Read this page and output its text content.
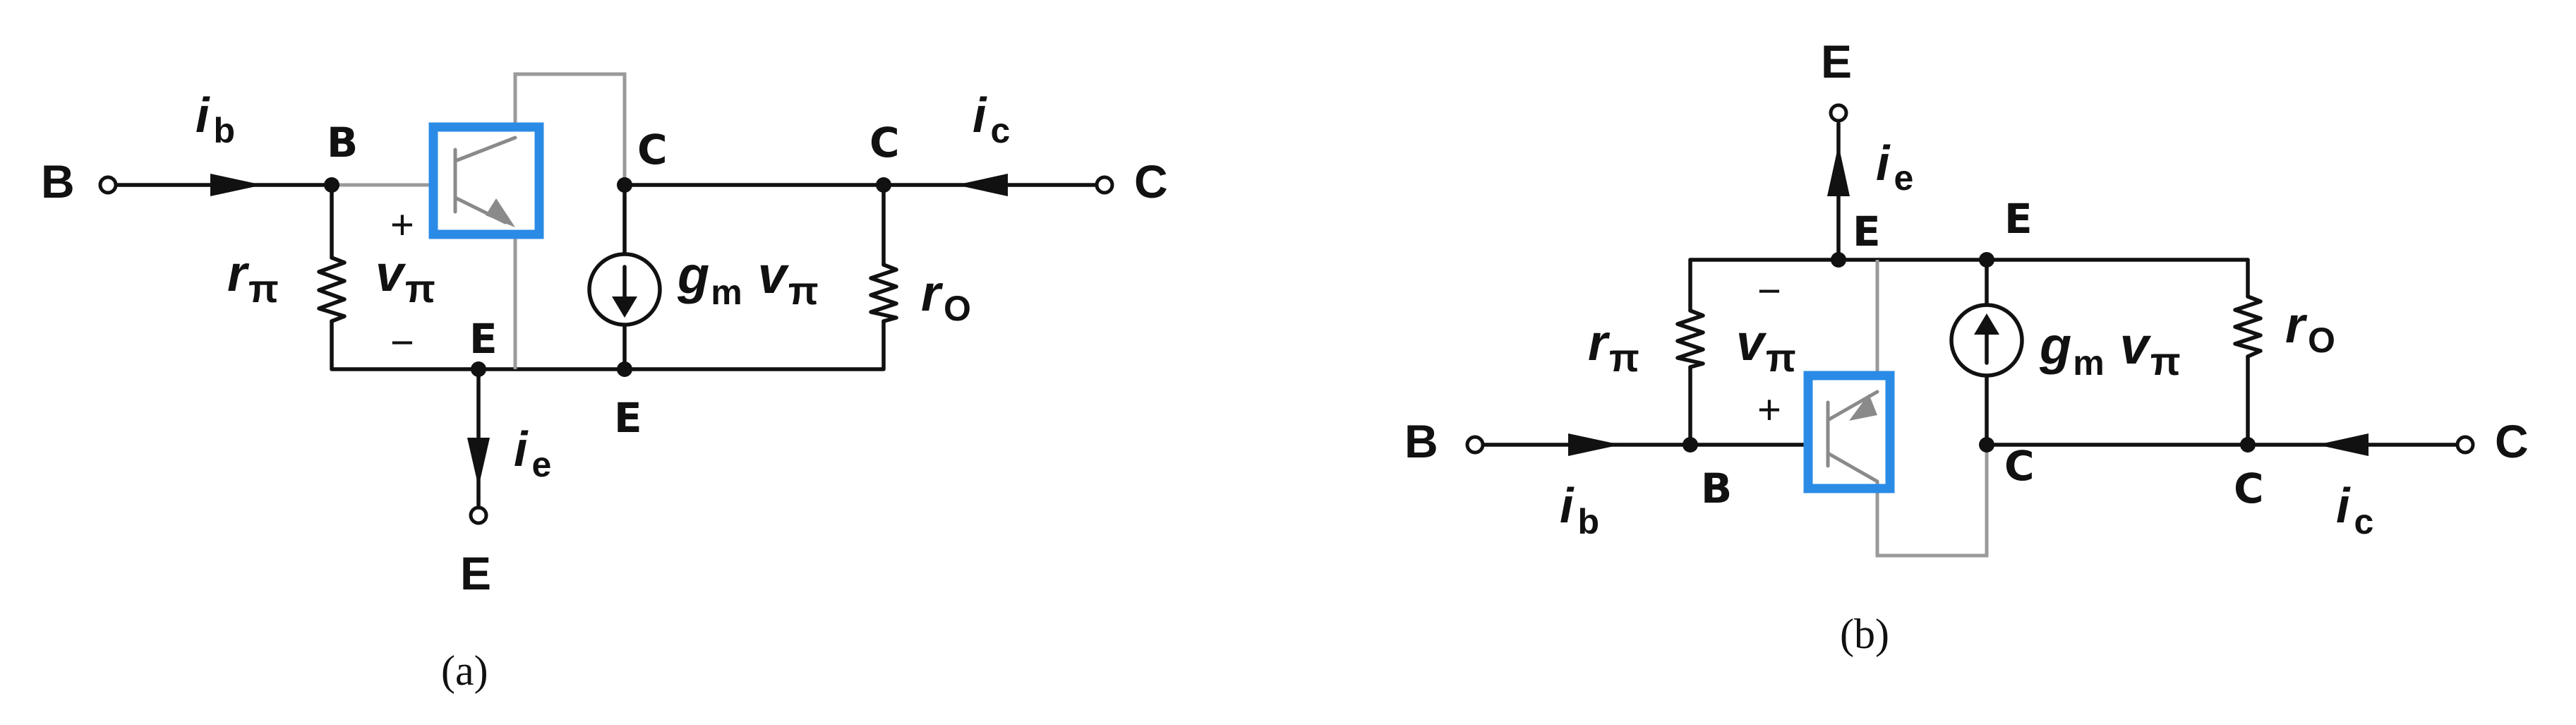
B	C
E
i b	i c
i e
rπ vπ	gm vπ rO
+
−
B	C	C
E
E
(a)
B	C
E
i b	i c
i e
rπ vπ	gm vπ
rO
−
+
B	C	C
E	E
(b)
